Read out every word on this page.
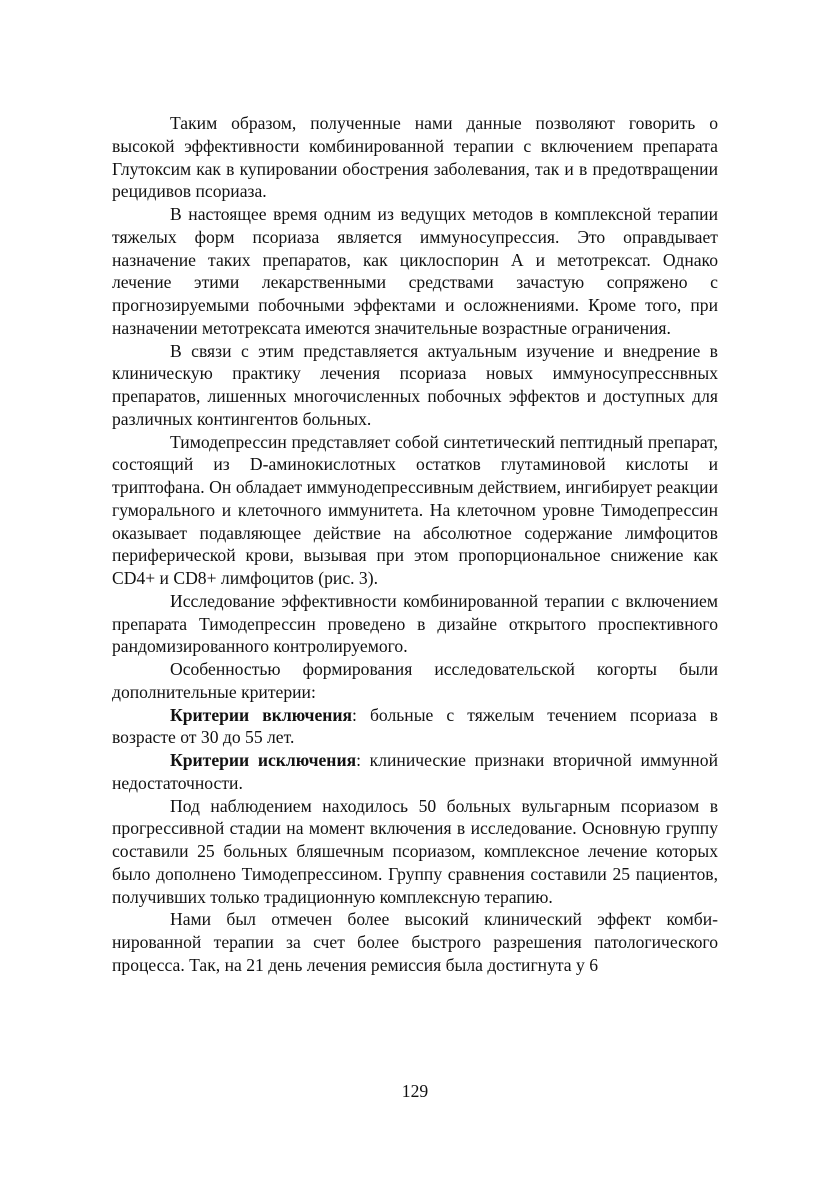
Таким образом, полученные нами данные позволяют говорить о высокой эффективности комбинированной терапии с включением препарата Глутоксим как в купировании обострения заболевания, так и в предотвращении рецидивов псориаза.

В настоящее время одним из ведущих методов в комплексной терапии тяжелых форм псориаза является иммуносупрессия. Это оправдывает назначение таких препаратов, как циклоспорин А и метотрексат. Однако лечение этими лекарственными средствами зачастую сопряжено с прогнозируемыми побочными эффектами и осложнениями. Кроме того, при назначении метотрексата имеются значительные возрастные ограничения.

В связи с этим представляется актуальным изучение и внедрение в клиническую практику лечения псориаза новых иммуносупресснвных препаратов, лишенных многочисленных побочных эффектов и доступных для различных контингентов больных.

Тимодепрессин представляет собой синтетический пептидный препарат, состоящий из D-аминокислотных остатков глутаминовой кислоты и триптофана. Он обладает иммунодепрессивным действием, ингибирует реакции гуморального и клеточного иммунитета. На клеточном уровне Тимодепрессин оказывает подавляющее действие на абсолютное содержание лимфоцитов периферической крови, вызывая при этом пропорциональное снижение как CD4+ и CD8+ лимфоцитов (рис. 3).

Исследование эффективности комбинированной терапии с включением препарата Тимодепрессин проведено в дизайне открытого проспективного рандомизированного контролируемого.

Особенностью формирования исследовательской когорты были дополнительные критерии:

Критерии включения: больные с тяжелым течением псориаза в возрасте от 30 до 55 лет.

Критерии исключения: клинические признаки вторичной иммунной недостаточности.

Под наблюдением находилось 50 больных вульгарным псориазом в прогрессивной стадии на момент включения в исследование. Основную группу составили 25 больных бляшечным псориазом, комплексное лечение которых было дополнено Тимодепрессином. Группу сравнения составили 25 пациентов, получивших только традиционную комплексную терапию.

Нами был отмечен более высокий клинический эффект комбинированной терапии за счет более быстрого разрешения патологического процесса. Так, на 21 день лечения ремиссия была достигнута у 6

129
